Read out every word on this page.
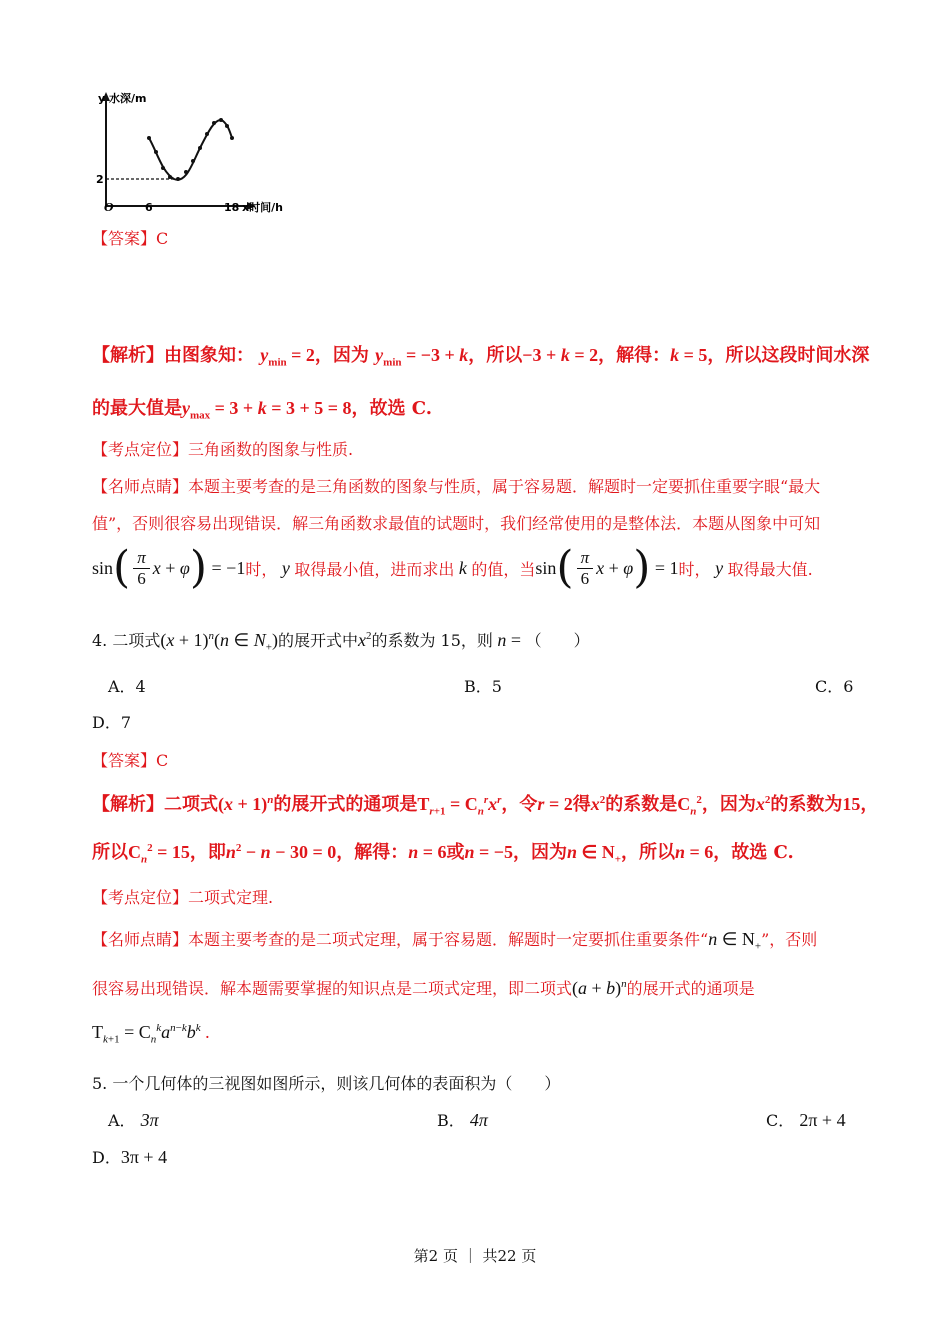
y 水深/m
2
O	6	18 x时间/h
【答案】C
【解析】由图象知： $y_{min} = 2$，因为 $y_{min} = -3 + k$，所以−3 + k = 2，解得：k = 5，所以这段时间水深
的最大值是$y_{max} = 3 + k = 3 + 5 = 8$，故选 C.
【考点定位】三角函数的图象与性质.
【名师点睛】本题主要考查的是三角函数的图象与性质，属于容易题．解题时一定要抓住重要字眼“最大
值”，否则很容易出现错误．解三角函数求最值的试题时，我们经常使用的是整体法．本题从图象中可知
sin ( $\frac{\pi}{6}$ x + φ ) = −1 时， y 取得最小值，进而求出 k 的值，当 sin ( $\frac{\pi}{6}$ x + φ ) = 1 时， y 取得最大值.
4. 二项式$(x + 1)^n(n$ ∈ $N_+$)的展开式中$x^2$的系数为 15，则 n = （　　）
A．4	B．5	C．6
D．7
【答案】C
【解析】二项式$(x + 1)^n$的展开式的通项是$T_{r+1} = C_n^rx^r$，令r = 2得$x^2$的系数是$C_n^2$，因为$x^2$的系数为15，
所以$C_n^2 = 15$，即$n^2 - n - 30 = 0$，解得：n = 6或n = −5，因为n ∈ $N_+$，所以n = 6，故选 C.
【考点定位】二项式定理.
【名师点睛】本题主要考查的是二项式定理，属于容易题．解题时一定要抓住重要条件“n ∈ $N_+$”，否则
很容易出现错误．解本题需要掌握的知识点是二项式定理，即二项式$(a + b)^n$的展开式的通项是
$T_{k+1} = C_n^ka^{n-k}b^k$ .
5. 一个几何体的三视图如图所示，则该几何体的表面积为（　　）
A． 3π	B． 4π	C． 2π + 4
D．3π + 4
第2 页 ｜ 共22 页
